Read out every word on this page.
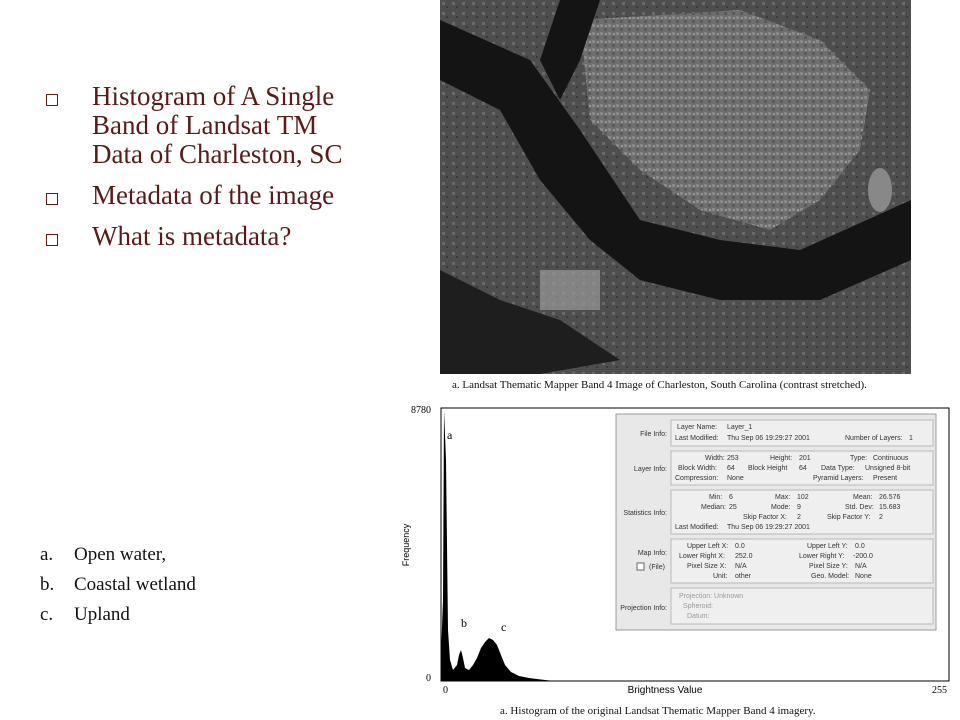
Histogram of A Single Band of Landsat TM Data of Charleston, SC
Metadata of the image
What is metadata?
a.	Open water,
b.	Coastal wetland
c.	Upland
a. Landsat Thematic Mapper Band 4 Image of Charleston, South Carolina (contrast stretched).
8780
0
0	255
Brightness Value
Frequency
a
b	c
File Info:
Layer Name: Layer_1
Last Modified: Thu Sep 06 19:29:27 2001	Number of Layers: 1
Layer Info:
Width: 253	Height: 201	Type: Continuous
Block Width: 64 Block Height 64 Data Type: Unsigned 8-bit
Compression: None	Pyramid Layers: Present
Statistics Info:
Min: 6	Max: 102	Mean: 26.576
Median: 25	Mode: 9	Std. Dev: 15.683
Skip Factor X: 2	Skip Factor Y: 2
Last Modified: Thu Sep 06 19:29:27 2001
Map Info:
(File)
Upper Left X: 0.0	Upper Left Y: 0.0
Lower Right X: 252.0	Lower Right Y: -200.0
Pixel Size X: N/A	Pixel Size Y: N/A
Unit: other	Geo. Model: None
Projection Info:
Projection: Unknown
Spheroid:
Datum:
a. Histogram of the original Landsat Thematic Mapper Band 4 imagery.
